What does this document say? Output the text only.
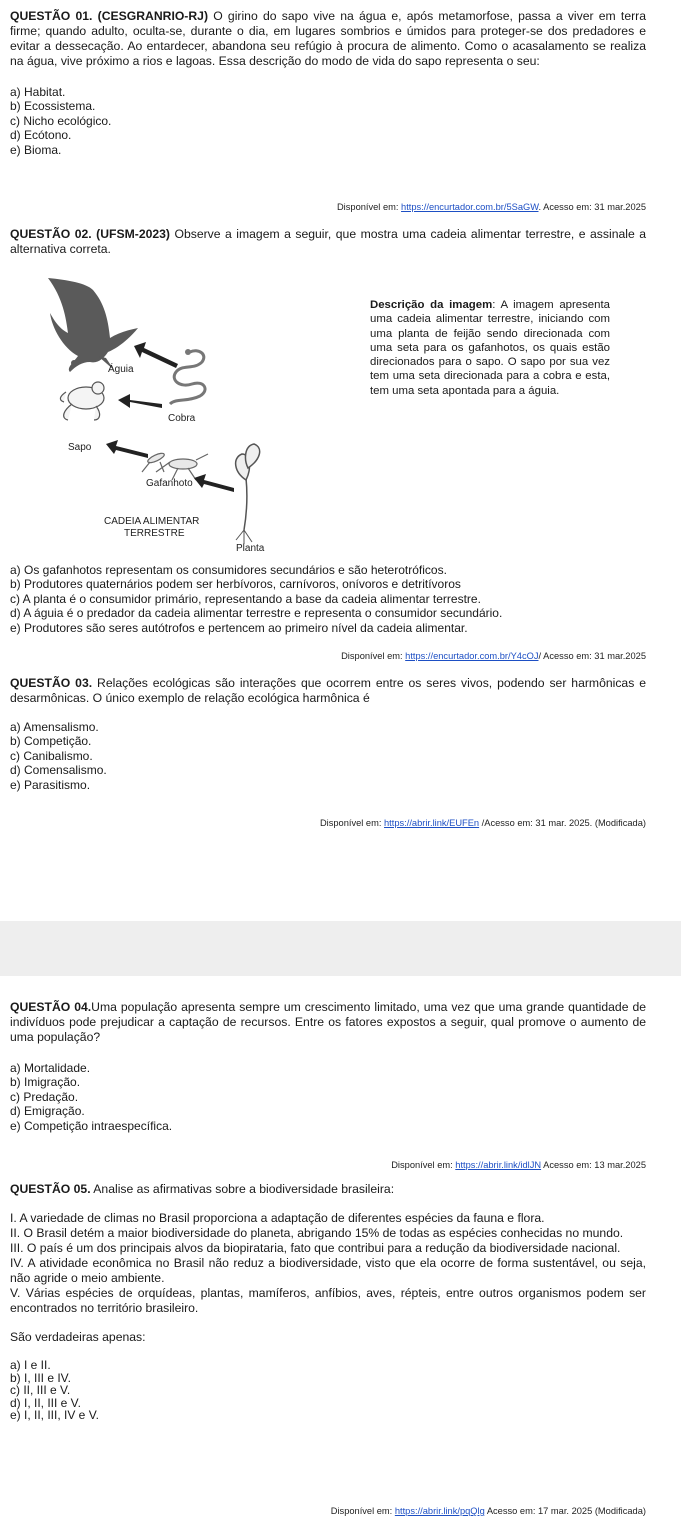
QUESTÃO 01. (CESGRANRIO-RJ) O girino do sapo vive na água e, após metamorfose, passa a viver em terra firme; quando adulto, oculta-se, durante o dia, em lugares sombrios e úmidos para proteger-se dos predadores e evitar a dessecação. Ao entardecer, abandona seu refúgio à procura de alimento. Como o acasalamento se realiza na água, vive próximo a rios e lagoas. Essa descrição do modo de vida do sapo representa o seu:

a) Habitat.
b) Ecossistema.
c) Nicho ecológico.
d) Ecótono.
e) Bioma.
Disponível em: https://encurtador.com.br/5SaGW. Acesso em: 31 mar.2025

QUESTÃO 02. (UFSM-2023) Observe a imagem a seguir, que mostra uma cadeia alimentar terrestre, e assinale a alternativa correta.

Águia
Cobra
Sapo
Gafanhoto
Planta
CADEIA ALIMENTAR
TERRESTRE

Descrição da imagem: A imagem apresenta uma cadeia alimentar terrestre, iniciando com uma planta de feijão sendo direcionada com uma seta para os gafanhotos, os quais estão direcionados para o sapo. O sapo por sua vez tem uma seta direcionada para a cobra e esta, tem uma seta apontada para a águia.

a) Os gafanhotos representam os consumidores secundários e são heterotróficos.
b) Produtores quaternários podem ser herbívoros, carnívoros, onívoros e detritívoros
c) A planta é o consumidor primário, representando a base da cadeia alimentar terrestre.
d) A águia é o predador da cadeia alimentar terrestre e representa o consumidor secundário.
e) Produtores são seres autótrofos e pertencem ao primeiro nível da cadeia alimentar.
Disponível em: https://encurtador.com.br/Y4cOJ/ Acesso em: 31 mar.2025

QUESTÃO 03. Relações ecológicas são interações que ocorrem entre os seres vivos, podendo ser harmônicas e desarmônicas. O único exemplo de relação ecológica harmônica é

a) Amensalismo.
b) Competição.
c) Canibalismo.
d) Comensalismo.
e) Parasitismo.
Disponível em: https://abrir.link/EUFEn /Acesso em: 31 mar. 2025. (Modificada)

QUESTÃO 04.Uma população apresenta sempre um crescimento limitado, uma vez que uma grande quantidade de indivíduos pode prejudicar a captação de recursos. Entre os fatores expostos a seguir, qual promove o aumento de uma população?

a) Mortalidade.
b) Imigração.
c) Predação.
d) Emigração.
e) Competição intraespecífica.
Disponível em: https://abrir.link/idlJN Acesso em: 13 mar.2025

QUESTÃO 05. Analise as afirmativas sobre a biodiversidade brasileira:

I. A variedade de climas no Brasil proporciona a adaptação de diferentes espécies da fauna e flora.

II. O Brasil detém a maior biodiversidade do planeta, abrigando 15% de todas as espécies conhecidas no mundo.

III. O país é um dos principais alvos da biopirataria, fato que contribui para a redução da biodiversidade nacional.

IV. A atividade econômica no Brasil não reduz a biodiversidade, visto que ela ocorre de forma sustentável, ou seja, não agride o meio ambiente.

V. Várias espécies de orquídeas, plantas, mamíferos, anfíbios, aves, répteis, entre outros organismos podem ser encontrados no território brasileiro.

São verdadeiras apenas:

a) I e II.
b) I, III e IV.
c) II, III e V.
d) I, II, III e V.
e) I, II, III, IV e V.
Disponível em: https://abrir.link/pqQlg Acesso em: 17 mar. 2025 (Modificada)
